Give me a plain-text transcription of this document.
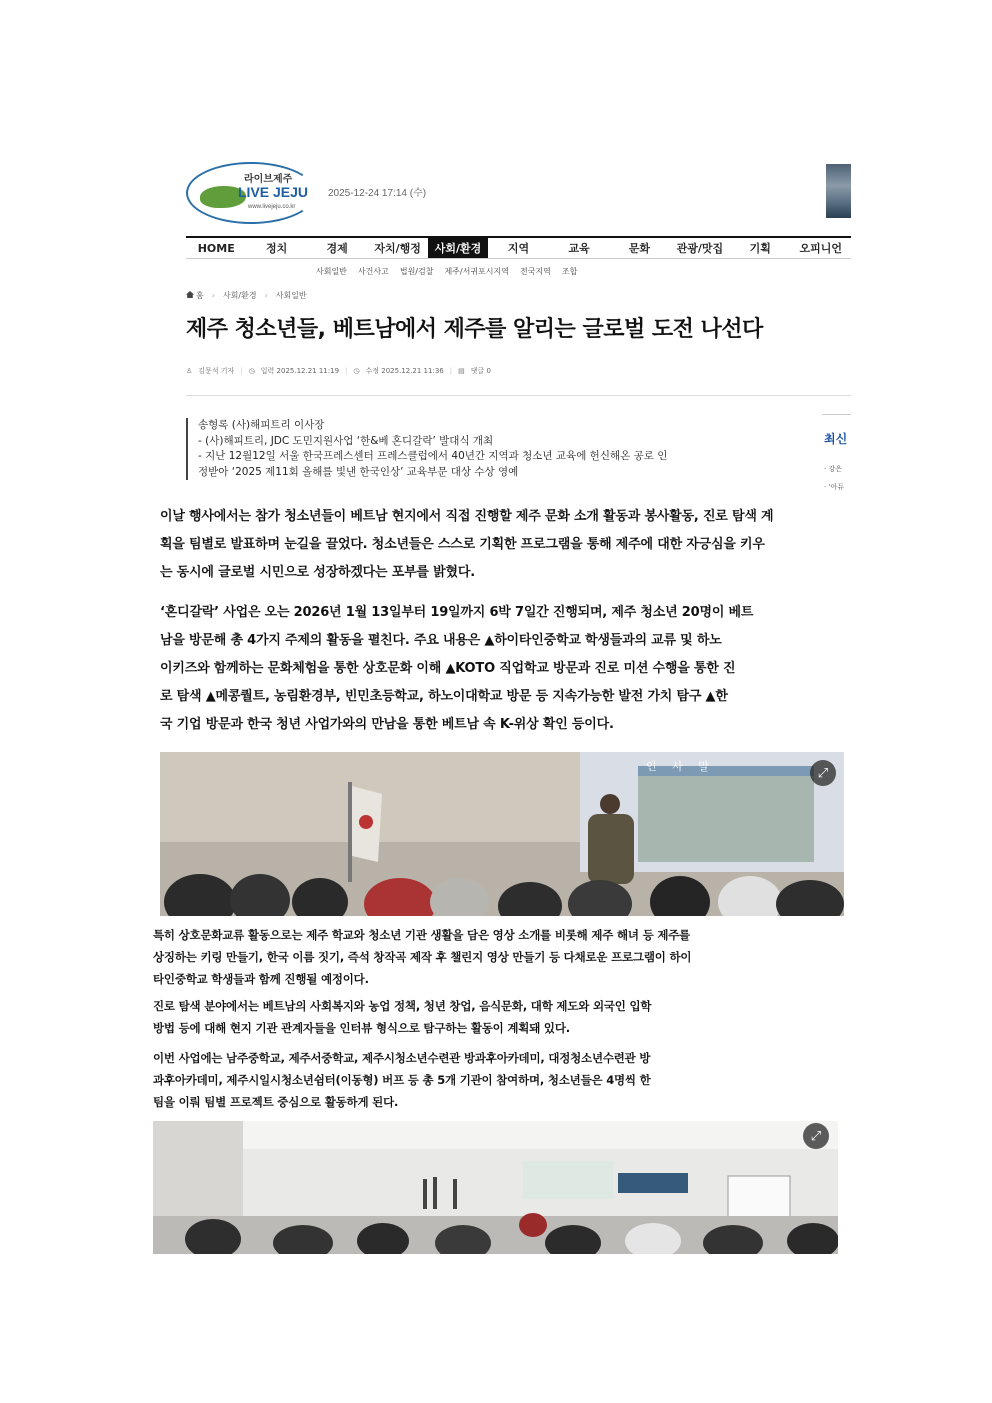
라이브제주
LIVE JEJU
www.livejeju.co.kr
2025-12-24 17:14 (수)
HOME	정치	경제	자치/행정	사회/환경	지역	교육	문화	관광/맛집	기획	오피니언
사회일반 사건사고 법원/검찰 제주/서귀포시지역 전국지역 조합
홈 › 사회/환경 › 사회일반
제주 청소년들, 베트남에서 제주를 알리는 글로벌 도전 나선다
♙ 김문석 기자 | ◷ 입력 2025.12.21 11:19 | ◷ 수정 2025.12.21 11:36 | ▤ 댓글 0
송형록 (사)해피트리 이사장
- (사)해피트리, JDC 도민지원사업 ‘한&베 혼디갈락’ 발대식 개최
- 지난 12월12일 서울 한국프레스센터 프레스클럽에서 40년간 지역과 청소년 교육에 헌신해온 공로 인
정받아 ‘2025 제11회 올해를 빛낸 한국인상’ 교육부문 대상 수상 영예
최신
· 강은
· ‘아듀
이날 행사에서는 참가 청소년들이 베트남 현지에서 직접 진행할 제주 문화 소개 활동과 봉사활동, 진로 탐색 계
획을 팀별로 발표하며 눈길을 끌었다. 청소년들은 스스로 기획한 프로그램을 통해 제주에 대한 자긍심을 키우
는 동시에 글로벌 시민으로 성장하겠다는 포부를 밝혔다.
‘혼디갈락’ 사업은 오는 2026년 1월 13일부터 19일까지 6박 7일간 진행되며, 제주 청소년 20명이 베트
남을 방문해 총 4가지 주제의 활동을 펼친다. 주요 내용은 ▲하이타인중학교 학생들과의 교류 및 하노
이키즈와 함께하는 문화체험을 통한 상호문화 이해 ▲KOTO 직업학교 방문과 진로 미션 수행을 통한 진
로 탐색 ▲메콩퀄트, 농림환경부, 빈민초등학교, 하노이대학교 방문 등 지속가능한 발전 가치 탐구 ▲한
국 기업 방문과 한국 청년 사업가와의 만남을 통한 베트남 속 K-위상 확인 등이다.
인 사 말	⤢
특히 상호문화교류 활동으로는 제주 학교와 청소년 기관 생활을 담은 영상 소개를 비롯해 제주 해녀 등 제주를
상징하는 키링 만들기, 한국 이름 짓기, 즉석 창작곡 제작 후 챌린지 영상 만들기 등 다채로운 프로그램이 하이
타인중학교 학생들과 함께 진행될 예정이다.
진로 탐색 분야에서는 베트남의 사회복지와 농업 정책, 청년 창업, 음식문화, 대학 제도와 외국인 입학
방법 등에 대해 현지 기관 관계자들을 인터뷰 형식으로 탐구하는 활동이 계획돼 있다.
이번 사업에는 남주중학교, 제주서중학교, 제주시청소년수련관 방과후아카데미, 대정청소년수련관 방
과후아카데미, 제주시일시청소년쉼터(이동형) 버프 등 총 5개 기관이 참여하며, 청소년들은 4명씩 한
팀을 이뤄 팀별 프로젝트 중심으로 활동하게 된다.
⤢
